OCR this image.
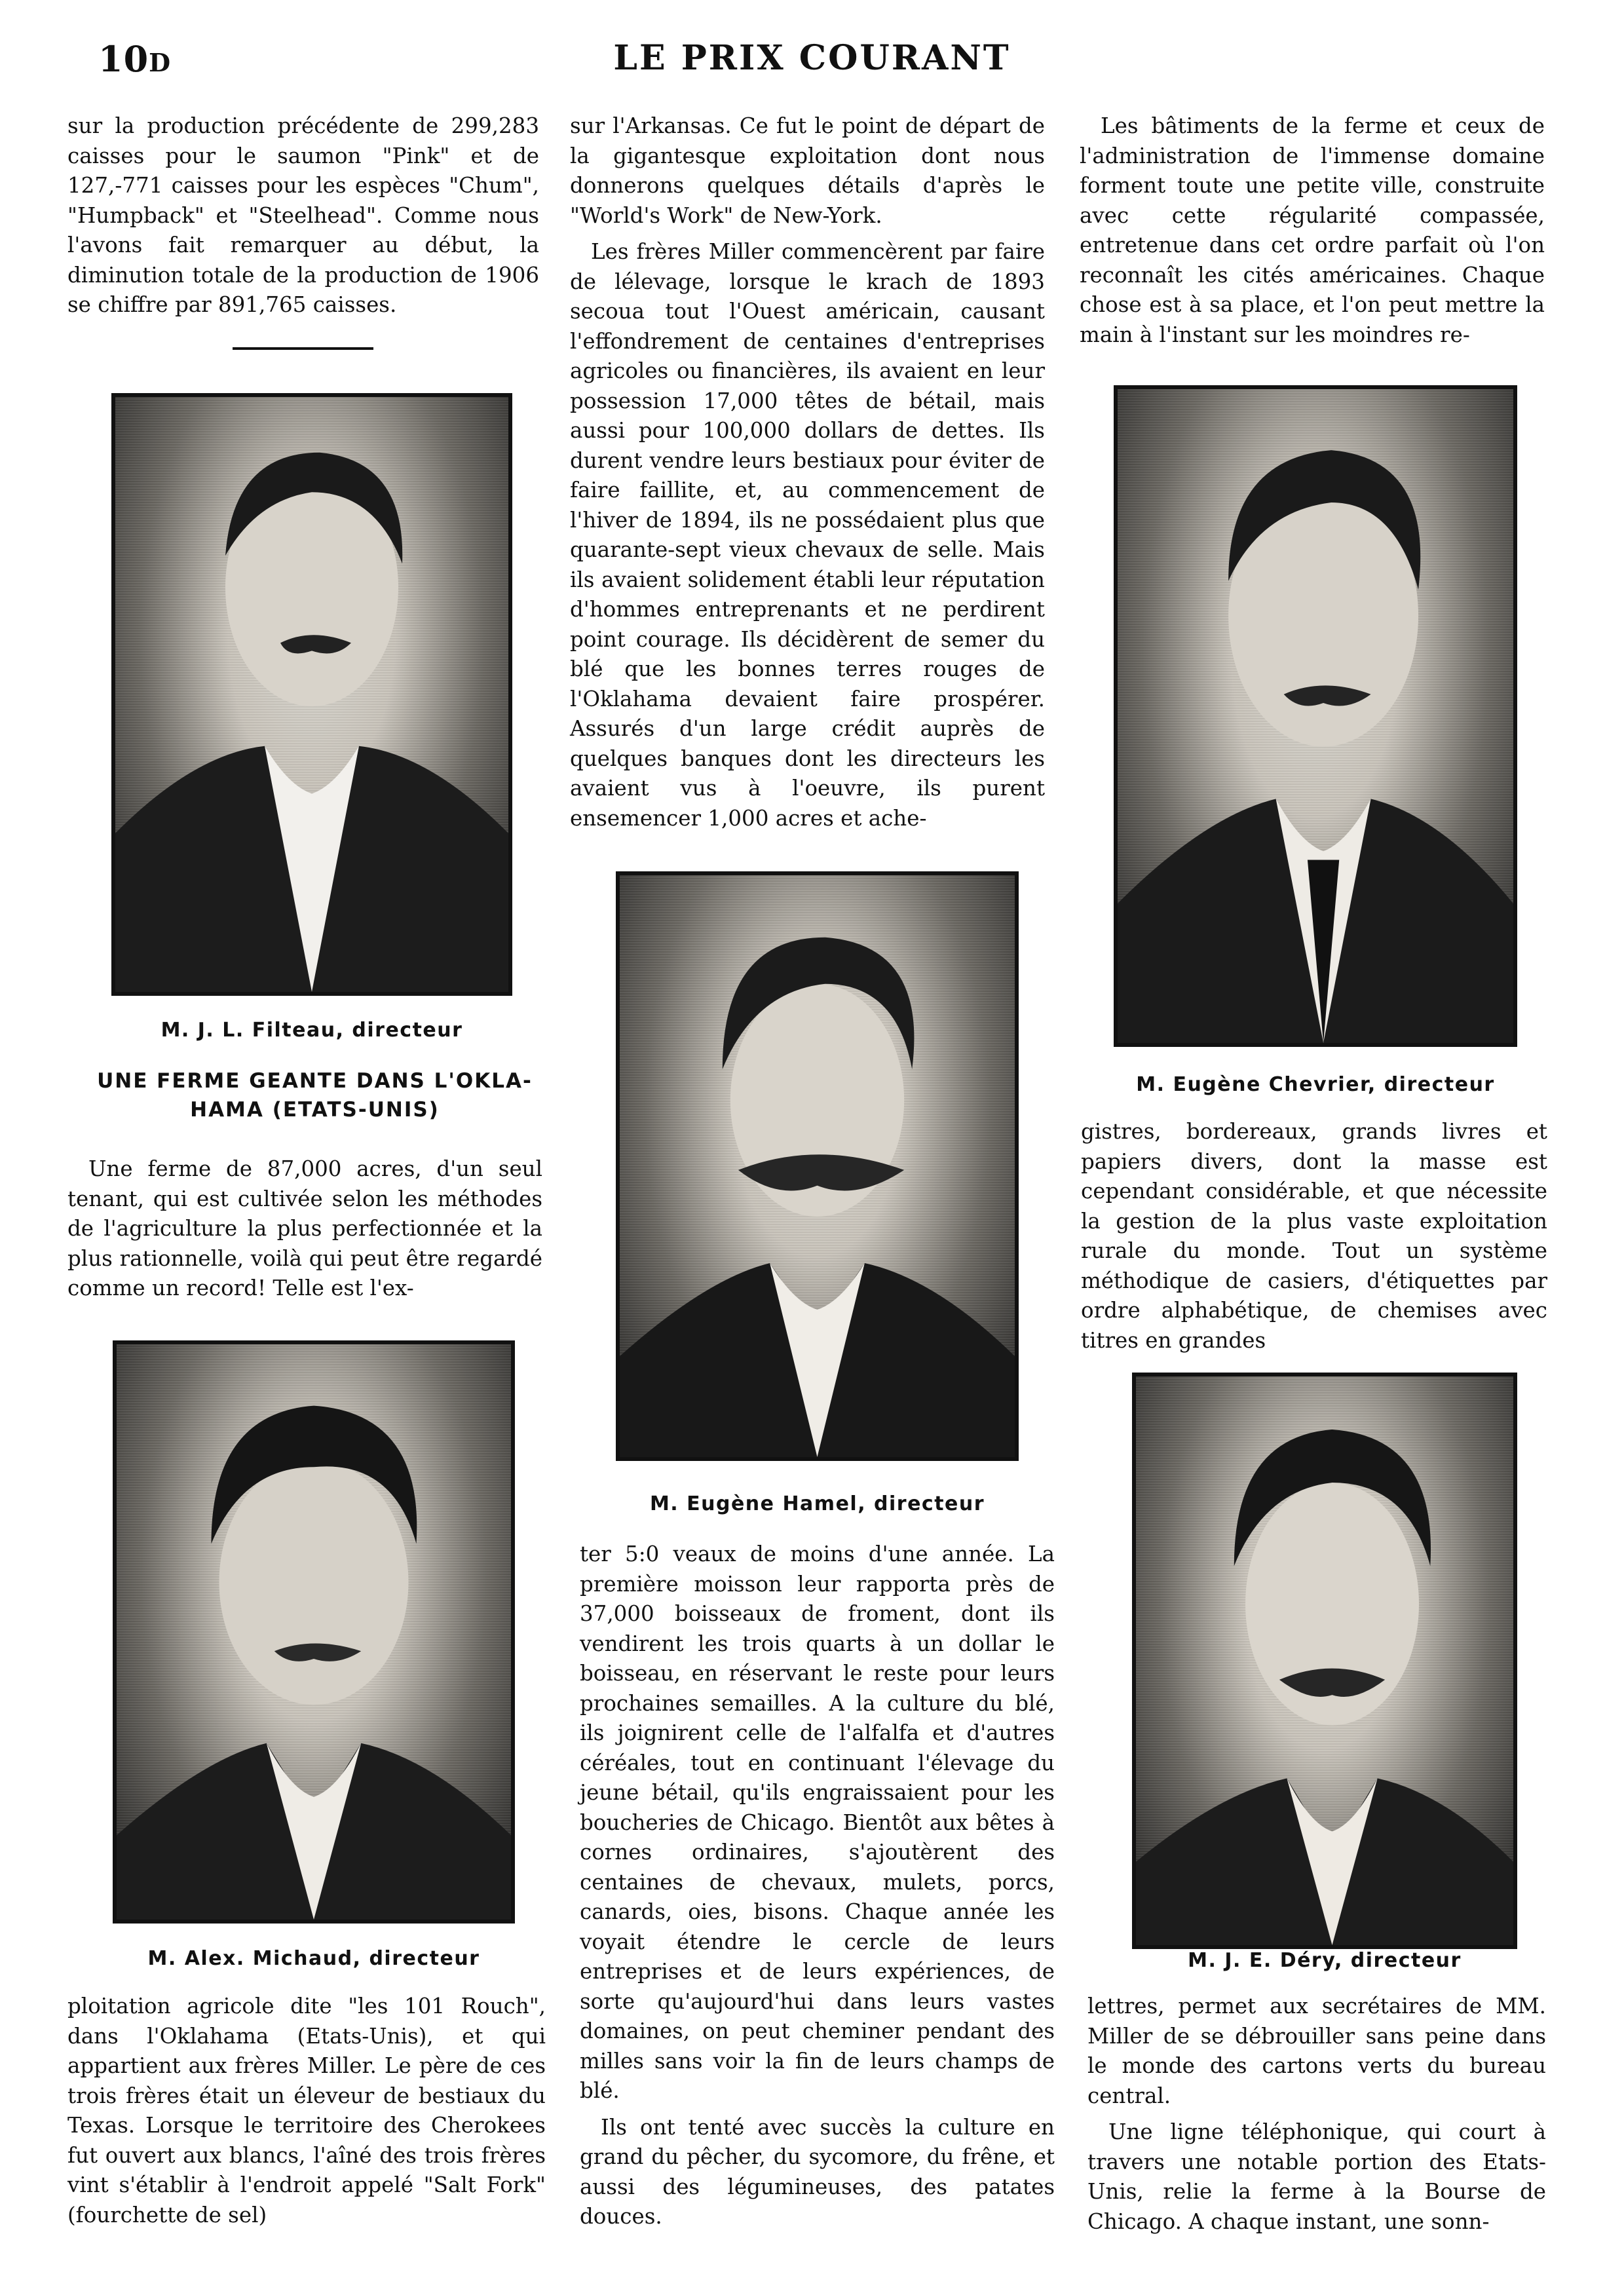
10D	LE PRIX COURANT

sur la production précédente de 299,283 caisses pour le saumon "Pink" et de 127,-771 caisses pour les espèces "Chum", "Humpback" et "Steelhead". Comme nous l'avons fait remarquer au début, la diminution totale de la production de 1906 se chiffre par 891,765 caisses.

M. J. L. Filteau, directeur
UNE FERME GEANTE DANS L'OKLA-
HAMA (ETATS-UNIS)

Une ferme de 87,000 acres, d'un seul tenant, qui est cultivée selon les méthodes de l'agriculture la plus perfectionnée et la plus rationnelle, voilà qui peut être regardé comme un record! Telle est l'ex-

M. Alex. Michaud, directeur

ploitation agricole dite "les 101 Rouch", dans l'Oklahama (Etats-Unis), et qui appartient aux frères Miller. Le père de ces trois frères était un éleveur de bestiaux du Texas. Lorsque le territoire des Cherokees fut ouvert aux blancs, l'aîné des trois frères vint s'établir à l'endroit appelé "Salt Fork" (fourchette de sel)

sur l'Arkansas. Ce fut le point de départ de la gigantesque exploitation dont nous donnerons quelques détails d'après le "World's Work" de New-York.

Les frères Miller commencèrent par faire de lélevage, lorsque le krach de 1893 secoua tout l'Ouest américain, causant l'effondrement de centaines d'entreprises agricoles ou financières, ils avaient en leur possession 17,000 têtes de bétail, mais aussi pour 100,000 dollars de dettes. Ils durent vendre leurs bestiaux pour éviter de faire faillite, et, au commencement de l'hiver de 1894, ils ne possédaient plus que quarante-sept vieux chevaux de selle. Mais ils avaient solidement établi leur réputation d'hommes entreprenants et ne perdirent point courage. Ils décidèrent de semer du blé que les bonnes terres rouges de l'Oklahama devaient faire prospérer. Assurés d'un large crédit auprès de quelques banques dont les directeurs les avaient vus à l'oeuvre, ils purent ensemencer 1,000 acres et ache-

M. Eugène Hamel, directeur

ter 5:0 veaux de moins d'une année. La première moisson leur rapporta près de 37,000 boisseaux de froment, dont ils vendirent les trois quarts à un dollar le boisseau, en réservant le reste pour leurs prochaines semailles. A la culture du blé, ils joignirent celle de l'alfalfa et d'autres céréales, tout en continuant l'élevage du jeune bétail, qu'ils engraissaient pour les boucheries de Chicago. Bientôt aux bêtes à cornes ordinaires, s'ajoutèrent des centaines de chevaux, mulets, porcs, canards, oies, bisons. Chaque année les voyait étendre le cercle de leurs entreprises et de leurs expériences, de sorte qu'aujourd'hui dans leurs vastes domaines, on peut cheminer pendant des milles sans voir la fin de leurs champs de blé.

Ils ont tenté avec succès la culture en grand du pêcher, du sycomore, du frêne, et aussi des légumineuses, des patates douces.

Les bâtiments de la ferme et ceux de l'administration de l'immense domaine forment toute une petite ville, construite avec cette régularité compassée, entretenue dans cet ordre parfait où l'on reconnaît les cités américaines. Chaque chose est à sa place, et l'on peut mettre la main à l'instant sur les moindres re-

M. Eugène Chevrier, directeur

gistres, bordereaux, grands livres et papiers divers, dont la masse est cependant considérable, et que nécessite la gestion de la plus vaste exploitation rurale du monde. Tout un système méthodique de casiers, d'étiquettes par ordre alphabétique, de chemises avec titres en grandes

M. J. E. Déry, directeur

lettres, permet aux secrétaires de MM. Miller de se débrouiller sans peine dans le monde des cartons verts du bureau central.

Une ligne téléphonique, qui court à travers une notable portion des Etats-Unis, relie la ferme à la Bourse de Chicago. A chaque instant, une sonn-
